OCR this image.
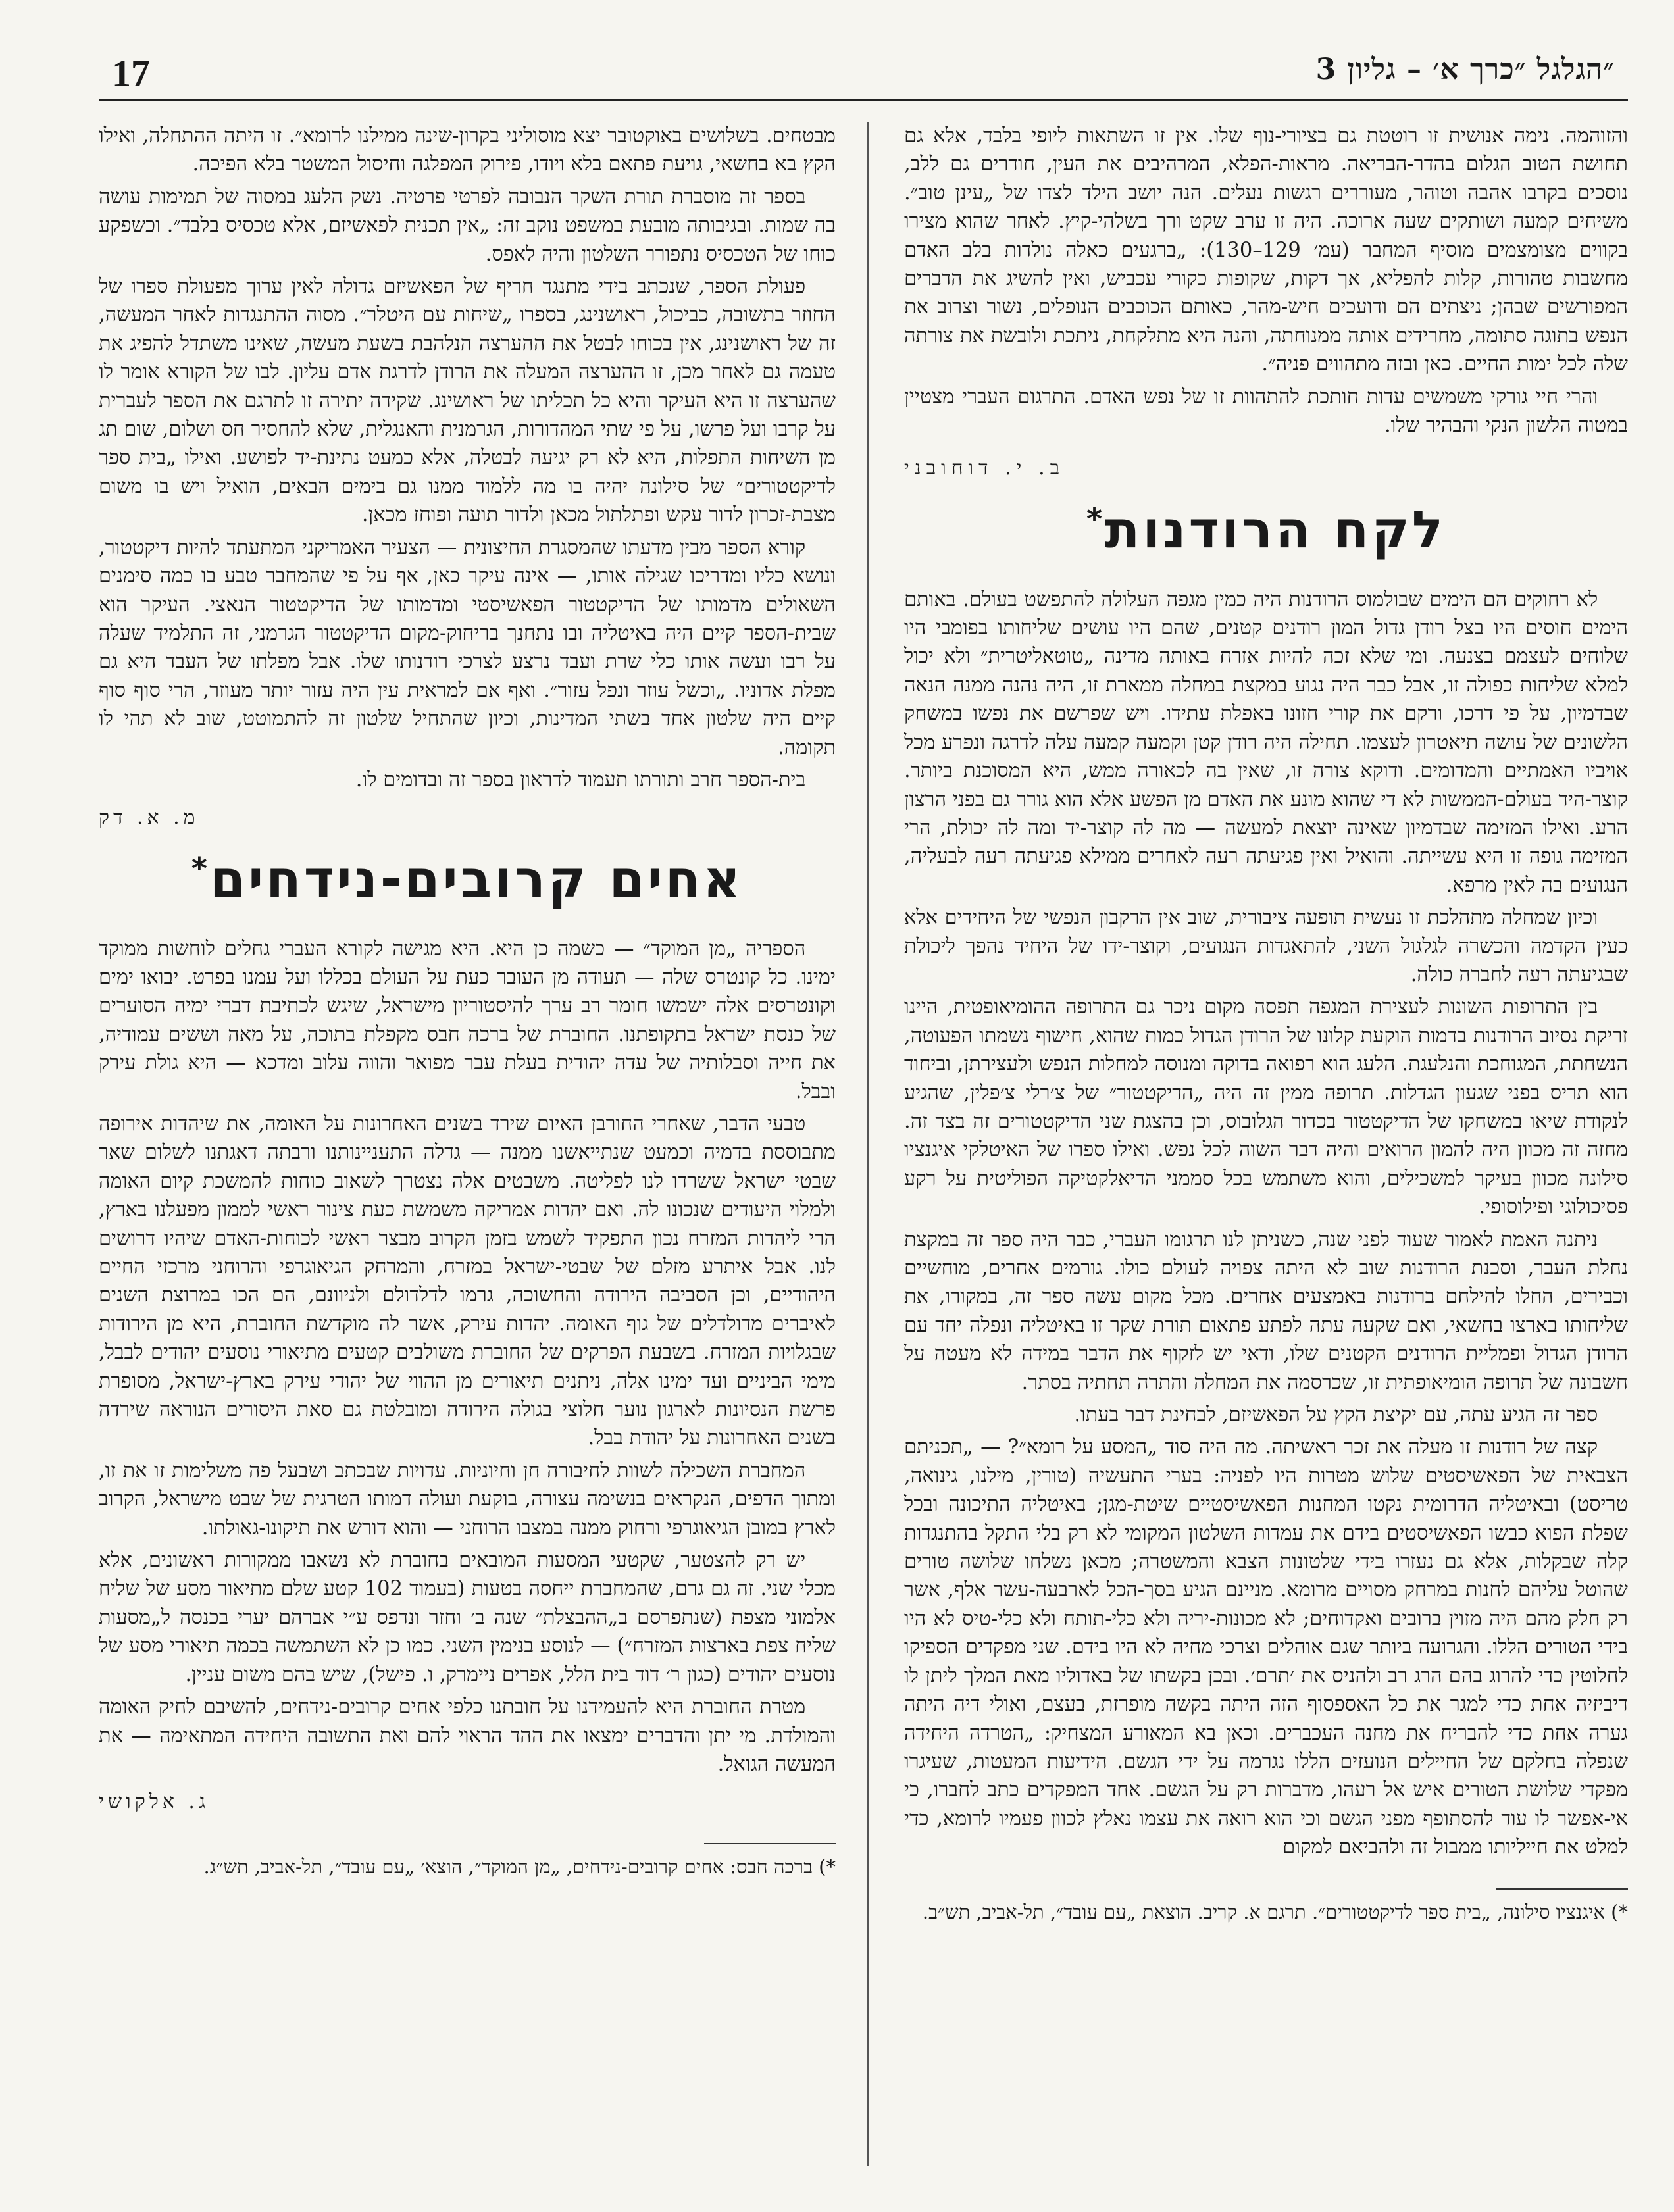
17	״הגלגל ״כרך א׳ – גליון 3

והזוהמה. נימה אנושית זו רוטטת גם בציורי-נוף שלו. אין זו השתאות ליופי בלבד, אלא גם תחושת הטוב הגלום בהדר-הבריאה. מראות-הפלא, המרהיבים את העין, חודרים גם ללב, נוסכים בקרבו אהבה וטוהר, מעוררים רגשות נעלים. הנה יושב הילד לצדו של „עינן טוב״. משיחים קמעה ושותקים שעה ארוכה. היה זו ערב שקט ורך בשלהי-קיץ. לאחר שהוא מצירו בקווים מצומצמים מוסיף המחבר (עמ׳ 129–130): „ברגעים כאלה נולדות בלב האדם מחשבות טהורות, קלות להפליא, אך דקות, שקופות כקורי עכביש, ואין להשיג את הדברים המפורשים שבהן; ניצתים הם ודועכים חיש-מהר, כאותם הכוכבים הנופלים, נשור וצרוב את הנפש בתוגה סתומה, מחרידים אותה ממנוחתה, והנה היא מתלקחת, ניתכת ולובשת את צורתה שלה לכל ימות החיים. כאן ובזה מתהווים פניה״.

והרי חיי גורקי משמשים עדות חותכת להתהוות זו של נפש האדם. התרגום העברי מצטיין במטוה הלשון הנקי והבהיר שלו.

ב. י. דוחובני
לקח הרודנות*

לא רחוקים הם הימים שבולמוס הרודנות היה כמין מגפה העלולה להתפשט בעולם. באותם הימים חוסים היו בצל רודן גדול המון רודנים קטנים, שהם היו עושים שליחותו בפומבי היו שלוחים לעצמם בצנעה. ומי שלא זכה להיות אזרח באותה מדינה „טוטאליטרית״ ולא יכול למלא שליחות כפולה זו, אבל כבר היה נגוע במקצת במחלה ממארת זו, היה נהנה ממנה הנאה שבדמיון, על פי דרכו, ורקם את קורי חזונו באפלת עתידו. ויש שפרשם את נפשו במשחק הלשונים של עושה תיאטרון לעצמו. תחילה היה רודן קטן וקמעה קמעה עלה לדרגה ונפרע מכל אויביו האמתיים והמדומים. ודוקא צורה זו, שאין בה לכאורה ממש, היא המסוכנת ביותר. קוצר-היד בעולם-הממשות לא די שהוא מונע את האדם מן הפשע אלא הוא גורר גם בפני הרצון הרע. ואילו המזימה שבדמיון שאינה יוצאת למעשה — מה לה קוצר-יד ומה לה יכולת, הרי המזימה גופה זו היא עשייתה. והואיל ואין פגיעתה רעה לאחרים ממילא פגיעתה רעה לבעליה, הנגועים בה לאין מרפא.

וכיון שמחלה מתהלכת זו נעשית תופעה ציבורית, שוב אין הרקבון הנפשי של היחידים אלא כעין הקדמה והכשרה לגלגול השני, להתאגדות הנגועים, וקוצר-ידו של היחיד נהפך ליכולת שבגיעתה רעה לחברה כולה.

בין התרופות השונות לעצירת המגפה תפסה מקום ניכר גם התרופה ההומיאופטית, היינו זריקת נסיוב הרודנות בדמות הוקעת קלונו של הרודן הגדול כמות שהוא, חישוף נשמתו הפעוטה, הנשחתת, המגוחכת והנלעגת. הלעג הוא רפואה בדוקה ומנוסה למחלות הנפש ולעצירתן, וביחוד הוא תריס בפני שגעון הגדלות. תרופה ממין זה היה „הדיקטטור״ של צ׳רלי צ׳פלין, שהגיע לנקודת שיאו במשחקו של הדיקטטור בכדור הגלובוס, וכן בהצגת שני הדיקטטורים זה בצד זה. מחזה זה מכוון היה להמון הרואים והיה דבר השוה לכל נפש. ואילו ספרו של האיטלקי איגנציו סילונה מכוון בעיקר למשכילים, והוא משתמש בכל סממני הדיאלקטיקה הפוליטית על רקע פסיכולוגי ופילוסופי.

ניתנה האמת לאמור שעוד לפני שנה, כשניתן לנו תרגומו העברי, כבר היה ספר זה במקצת נחלת העבר, וסכנת הרודנות שוב לא היתה צפויה לעולם כולו. גורמים אחרים, מוחשיים וכבירים, החלו להילחם ברודנות באמצעים אחרים. מכל מקום עשה ספר זה, במקורו, את שליחותו בארצו בחשאי, ואם שקעה עתה לפתע פתאום תורת שקר זו באיטליה ונפלה יחד עם הרודן הגדול ופמליית הרודנים הקטנים שלו, ודאי יש לזקוף את הדבר במידה לא מעטה על חשבונה של תרופה הומיאופתית זו, שכרסמה את המחלה והתרה תחתיה בסתר.

ספר זה הגיע עתה, עם יקיצת הקץ על הפאשיזם, לבחינת דבר בעתו.

קצה של רודנות זו מעלה את זכר ראשיתה. מה היה סוד „המסע על רומא״? — „תכניתם הצבאית של הפאשיסטים שלוש מטרות היו לפניה: בערי התעשיה (טורין, מילנו, גינואה, טריסט) ובאיטליה הדרומית נקטו המחנות הפאשיסטיים שיטת-מגן; באיטליה התיכונה ובכל שפלת הפוא כבשו הפאשיסטים בידם את עמדות השלטון המקומי לא רק בלי התקל בהתנגדות קלה שבקלות, אלא גם נעזרו בידי שלטונות הצבא והמשטרה; מכאן נשלחו שלושה טורים שהוטל עליהם לחנות במרחק מסויים מרומא. מניינם הגיע בסך-הכל לארבעה-עשר אלף, אשר רק חלק מהם היה מזוין ברובים ואקדוחים; לא מכונות-יריה ולא כלי-תותח ולא כלי-טיס לא היו בידי הטורים הללו. והגרועה ביותר שגם אוהלים וצרכי מחיה לא היו בידם. שני מפקדים הספיקו לחלוטין כדי להרוג בהם הרג רב ולהניס את ׳תרם׳. ובכן בקשתו של באדוליו מאת המלך ליתן לו דיביזיה אחת כדי למגר את כל האספסוף הזה היתה בקשה מופרזת, בעצם, ואולי דיה היתה גערה אחת כדי להבריח את מחנה העכברים. וכאן בא המאורע המצחיק: „הטרדה היחידה שנפלה בחלקם של החיילים הנועזים הללו נגרמה על ידי הגשם. הידיעות המעטות, שעיגרו מפקדי שלושת הטורים איש אל רעהו, מדברות רק על הגשם. אחד המפקדים כתב לחברו, כי אי-אפשר לו עוד להסתופף מפני הגשם וכי הוא רואה את עצמו נאלץ לכוון פעמיו לרומא, כדי למלט את חייליותו ממבול זה ולהביאם למקום

*) איגנציו סילונה, „בית ספר לדיקטטורים״. תרגם א. קריב. הוצאת „עם עובד״, תל-אביב, תש״ב.

מבטחים. בשלושים באוקטובר יצא מוסוליני בקרון-שינה ממילנו לרומא״. זו היתה ההתחלה, ואילו הקץ בא בחשאי, גויעת פתאם בלא ויודו, פירוק המפלגה וחיסול המשטר בלא הפיכה.

בספר זה מוסברת תורת השקר הנבובה לפרטי פרטיה. נשק הלעג במסוה של תמימות עושה בה שמות. ובגיבותה מובעת במשפט נוקב זה: „אין תכנית לפאשיזם, אלא טכסיס בלבד״. וכשפקע כוחו של הטכסיס נתפורר השלטון והיה לאפס.

פעולת הספר, שנכתב בידי מתנגד חריף של הפאשיזם גדולה לאין ערוך מפעולת ספרו של החוזר בתשובה, כביכול, ראושנינג, בספרו „שיחות עם היטלר״. מסוה ההתנגדות לאחר המעשה, זה של ראושנינג, אין בכוחו לבטל את ההערצה הנלהבת בשעת מעשה, שאינו משתדל להפיג את טעמה גם לאחר מכן, זו ההערצה המעלה את הרודן לדרגת אדם עליון. לבו של הקורא אומר לו שהערצה זו היא העיקר והיא כל תכליתו של ראושינג. שקידה יתירה זו לתרגם את הספר לעברית על קרבו ועל פרשו, על פי שתי המהדורות, הגרמנית והאנגלית, שלא להחסיר חס ושלום, שום תג מן השיחות התפלות, היא לא רק יגיעה לבטלה, אלא כמעט נתינת-יד לפושע. ואילו „בית ספר לדיקטטורים״ של סילונה יהיה בו מה ללמוד ממנו גם בימים הבאים, הואיל ויש בו משום מצבת-זכרון לדור עקש ופתלתול מכאן ולדור תועה ופוחז מכאן.

קורא הספר מבין מדעתו שהמסגרת החיצונית — הצעיר האמריקני המתעתד להיות דיקטטור, ונושא כליו ומדריכו שגילה אותו, — אינה עיקר כאן, אף על פי שהמחבר טבע בו כמה סימנים השאולים מדמותו של הדיקטטור הפאשיסטי ומדמותו של הדיקטטור הנאצי. העיקר הוא שבית-הספר קיים היה באיטליה ובו נתחנך בריחוק-מקום הדיקטטור הגרמני, זה התלמיד שעלה על רבו ועשה אותו כלי שרת ועבד נרצע לצרכי רודנותו שלו. אבל מפלתו של העבד היא גם מפלת אדוניו. „וכשל עוזר ונפל עזור״. ואף אם למראית עין היה עזור יותר מעוזר, הרי סוף סוף קיים היה שלטון אחד בשתי המדינות, וכיון שהתחיל שלטון זה להתמוטט, שוב לא תהי לו תקומה.

בית-הספר חרב ותורתו תעמוד לדראון בספר זה ובדומים לו.

מ. א. דק
אחים קרובים-נידחים*

הספריה „מן המוקד״ — כשמה כן היא. היא מגישה לקורא העברי גחלים לוחשות ממוקד ימינו. כל קונטרס שלה — תעודה מן העובר כעת על העולם בכללו ועל עמנו בפרט. יבואו ימים וקונטרסים אלה ישמשו חומר רב ערך להיסטוריון מישראל, שיגש לכתיבת דברי ימיה הסוערים של כנסת ישראל בתקופתנו. החוברת של ברכה חבס מקפלת בתוכה, על מאה וששים עמודיה, את חייה וסבלותיה של עדה יהודית בעלת עבר מפואר והווה עלוב ומדכא — היא גולת עירק ובבל.

טבעי הדבר, שאחרי החורבן האיום שירד בשנים האחרונות על האומה, את שיהדות אירופה מתבוססת בדמיה וכמעט שנתייאשנו ממנה — גדלה התעניינותנו ורבתה דאגתנו לשלום שאר שבטי ישראל ששרדו לנו לפליטה. משבטים אלה נצטרך לשאוב כוחות להמשכת קיום האומה ולמלוי היעודים שנכונו לה. ואם יהדות אמריקה משמשת כעת צינור ראשי לממון מפעלנו בארץ, הרי ליהדות המזרח נכון התפקיד לשמש בזמן הקרוב מבצר ראשי לכוחות-האדם שיהיו דרושים לנו. אבל איתרע מזלם של שבטי-ישראל במזרח, והמרחק הגיאוגרפי והרוחני מרכזי החיים היהודיים, וכן הסביבה הירודה והחשוכה, גרמו לדלדולם ולניוונם, הם הכו במרוצת השנים לאיברים מדולדלים של גוף האומה. יהדות עירק, אשר לה מוקדשת החוברת, היא מן הירודות שבגלויות המזרח. בשבעת הפרקים של החוברת משולבים קטעים מתיאורי נוסעים יהודים לבבל, מימי הביניים ועד ימינו אלה, ניתנים תיאורים מן ההווי של יהודי עירק בארץ-ישראל, מסופרת פרשת הנסיונות לארגון נוער חלוצי בגולה הירודה ומובלטת גם סאת היסורים הנוראה שירדה בשנים האחרונות על יהודת בבל.

המחברת השכילה לשוות לחיבורה חן וחיוניות. עדויות שבכתב ושבעל פה משלימות זו את זו, ומתוך הדפים, הנקראים בנשימה עצורה, בוקעת ועולה דמותו הטרגית של שבט מישראל, הקרוב לארץ במובן הגיאוגרפי ורחוק ממנה במצבו הרוחני — והוא דורש את תיקונו-גאולתו.

יש רק להצטער, שקטעי המסעות המובאים בחוברת לא נשאבו ממקורות ראשונים, אלא מכלי שני. זה גם גרם, שהמחברת ייחסה בטעות (בעמוד 102 קטע שלם מתיאור מסע של שליח אלמוני מצפת (שנתפרסם ב„ההבצלת״ שנה ב׳ וחזר ונדפס ע״י אברהם יערי בכנסה ל„מסעות שליח צפת בארצות המזרח״) — לנוסע בנימין השני. כמו כן לא השתמשה בכמה תיאורי מסע של נוסעים יהודים (כגון ר׳ דוד בית הלל, אפרים ניימרק, ו. פישל), שיש בהם משום עניין.

מטרת החוברת היא להעמידנו על חובתנו כלפי אחים קרובים-נידחים, להשיבם לחיק האומה והמולדת. מי יתן והדברים ימצאו את ההד הראוי להם ואת התשובה היחידה המתאימה — את המעשה הגואל.

ג. אלקושי

*) ברכה חבס: אחים קרובים-נידחים, „מן המוקד״, הוצא׳ „עם עובד״, תל-אביב, תש״ג.
